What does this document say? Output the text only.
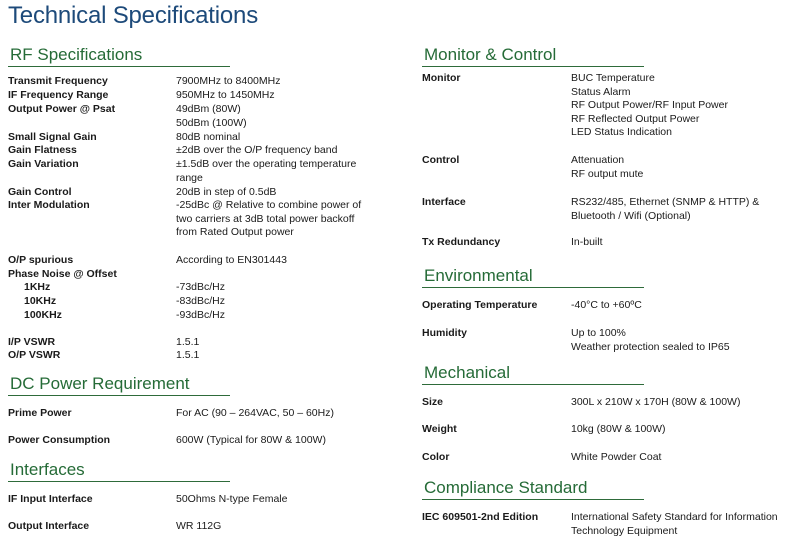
Technical Specifications
RF Specifications
Transmit Frequency	7900MHz to 8400MHz
IF Frequency Range	950MHz to 1450MHz
Output Power @ Psat	49dBm (80W)
50dBm (100W)
Small Signal Gain	80dB nominal
Gain Flatness	±2dB over the O/P frequency band
Gain Variation	±1.5dB over the operating temperature
range
Gain Control	20dB in step of 0.5dB
Inter Modulation	-25dBc @ Relative to combine power of
two carriers at 3dB total power backoff
from Rated Output power
O/P spurious	According to EN301443
Phase Noise @ Offset
1KHz	-73dBc/Hz
10KHz	-83dBc/Hz
100KHz	-93dBc/Hz
I/P VSWR	1.5.1
O/P VSWR	1.5.1
DC Power Requirement
Prime Power	For AC (90 – 264VAC, 50 – 60Hz)
Power Consumption	600W (Typical for 80W & 100W)
Interfaces
IF Input Interface	50Ohms N-type Female
Output Interface	WR 112G
Monitor & Control
Monitor	BUC Temperature
Status Alarm
RF Output Power/RF Input Power
RF Reflected Output Power
LED Status Indication
Control	Attenuation
RF output mute
Interface	RS232/485, Ethernet (SNMP & HTTP) &
Bluetooth / Wifi (Optional)
Tx Redundancy	In-built
Environmental
Operating Temperature	-40°C to +60ºC
Humidity	Up to 100%
Weather protection sealed to IP65
Mechanical
Size	300L x 210W x 170H (80W & 100W)
Weight	10kg (80W & 100W)
Color	White Powder Coat
Compliance Standard
IEC 609501-2nd Edition	International Safety Standard for Information
Technology Equipment
